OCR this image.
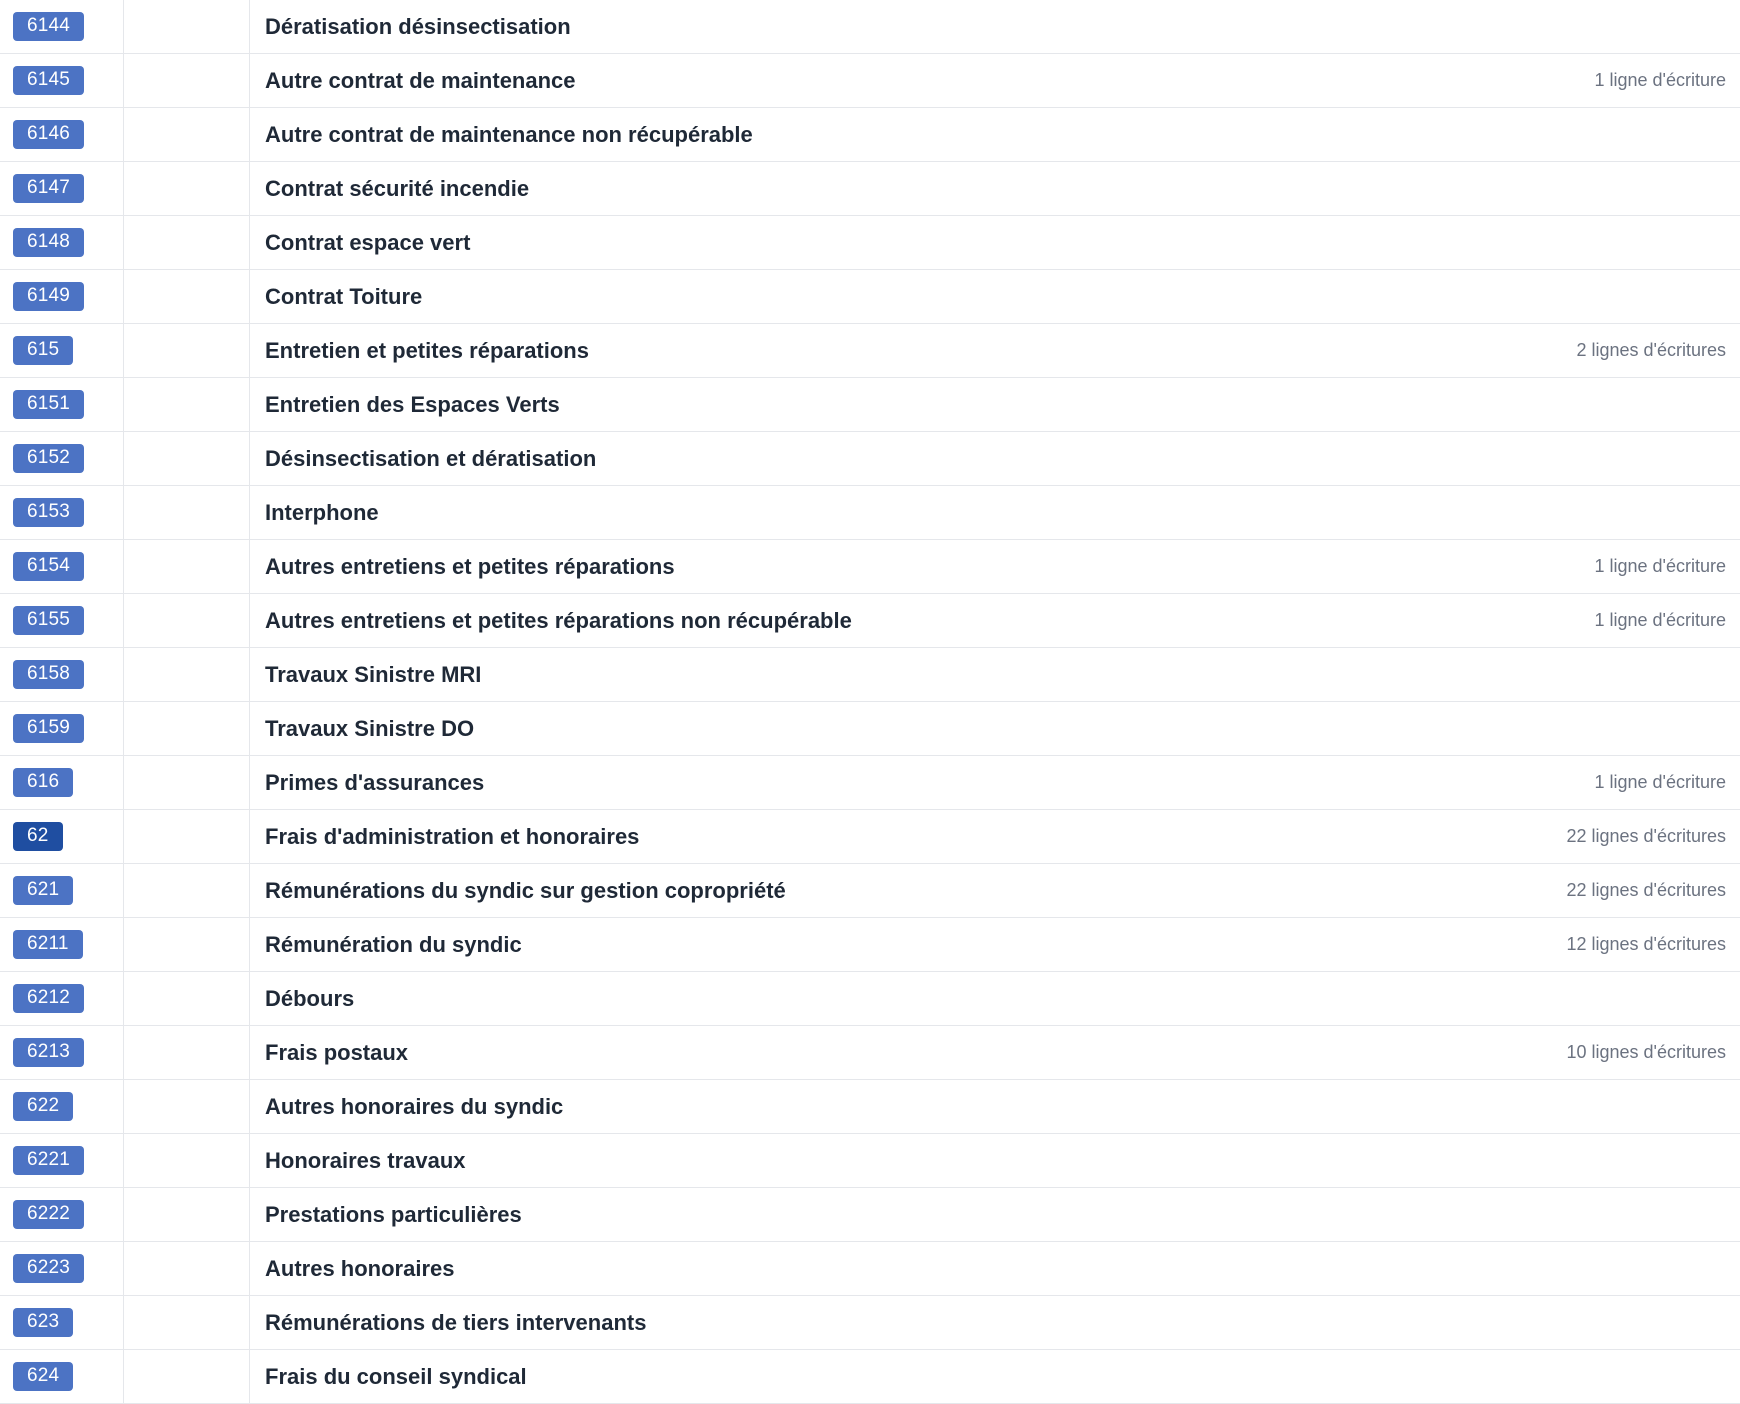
6144		Dératisation désinsectisation	
6145		Autre contrat de maintenance	1 ligne d'écriture
6146		Autre contrat de maintenance non récupérable	
6147		Contrat sécurité incendie	
6148		Contrat espace vert	
6149		Contrat Toiture	
615		Entretien et petites réparations	2 lignes d'écritures
6151		Entretien des Espaces Verts	
6152		Désinsectisation et dératisation	
6153		Interphone	
6154		Autres entretiens et petites réparations	1 ligne d'écriture
6155		Autres entretiens et petites réparations non récupérable	1 ligne d'écriture
6158		Travaux Sinistre MRI	
6159		Travaux Sinistre DO	
616		Primes d'assurances	1 ligne d'écriture
62		Frais d'administration et honoraires	22 lignes d'écritures
621		Rémunérations du syndic sur gestion copropriété	22 lignes d'écritures
6211		Rémunération du syndic	12 lignes d'écritures
6212		Débours	
6213		Frais postaux	10 lignes d'écritures
622		Autres honoraires du syndic	
6221		Honoraires travaux	
6222		Prestations particulières	
6223		Autres honoraires	
623		Rémunérations de tiers intervenants	
624		Frais du conseil syndical	
